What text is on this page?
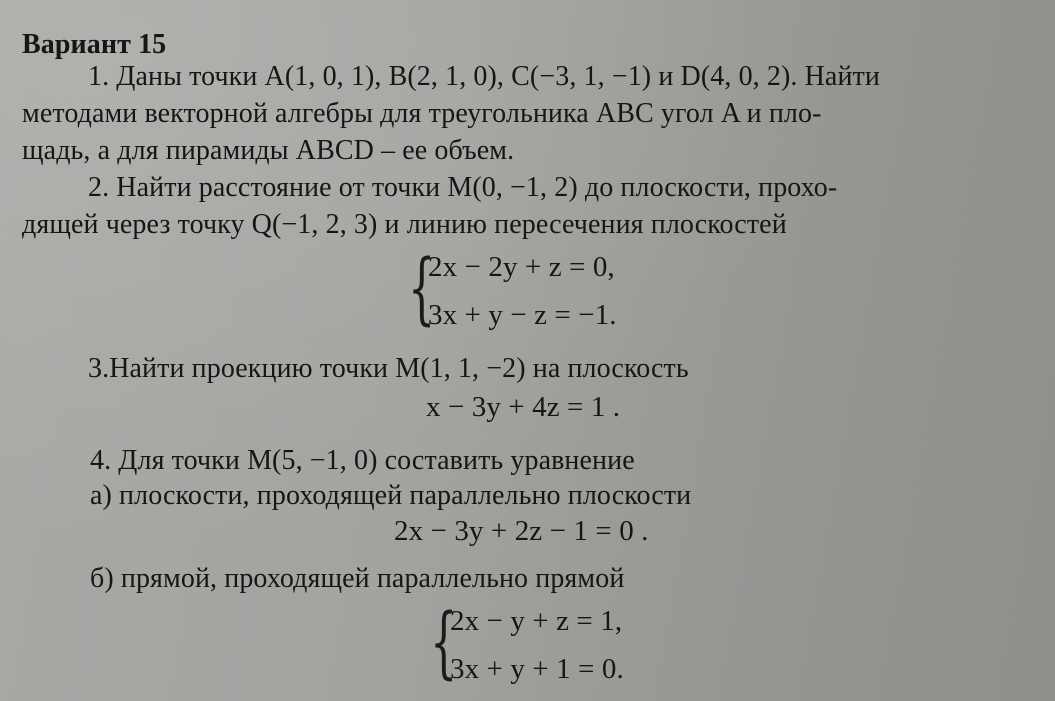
Вариант 15
1. Даны точки A(1, 0, 1), B(2, 1, 0), C(−3, 1, −1) и D(4, 0, 2). Найти
методами векторной алгебры для треугольника ABC угол A и пло-
щадь, а для пирамиды ABCD – ее объем.
2. Найти расстояние от точки M(0, −1, 2) до плоскости, прохо-
дящей через точку Q(−1, 2, 3) и линию пересечения плоскостей
{
2x − 2y + z = 0,
3x + y − z = −1.
3.Найти проекцию точки M(1, 1, −2) на плоскость
x − 3y + 4z = 1 .
4. Для точки M(5, −1, 0) составить уравнение
а) плоскости, проходящей параллельно плоскости
2x − 3y + 2z − 1 = 0 .
б) прямой, проходящей параллельно прямой
{
2x − y + z = 1,
3x + y + 1 = 0.
